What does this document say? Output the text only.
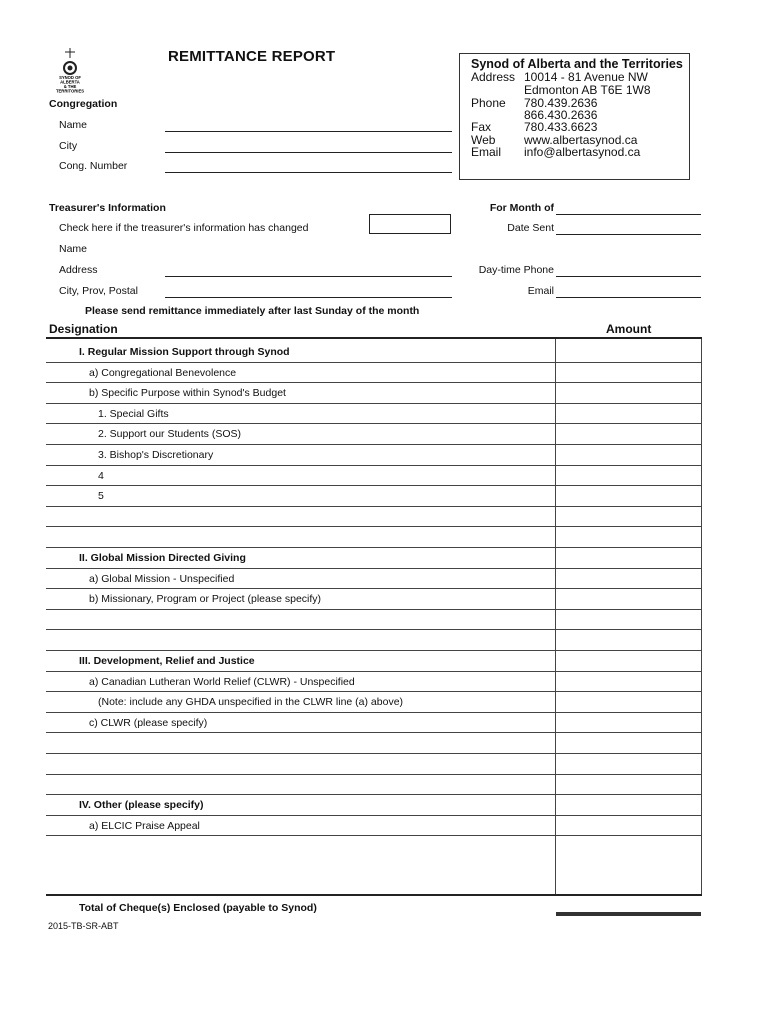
SYNOD OF
ALBERTA
& THE
TERRITORIES
REMITTANCE REPORT	Synod of Alberta and the Territories
Address 10014 - 81 Avenue NW
Edmonton AB T6E 1W8
Phone 780.439.2636
866.430.2636
Fax	780.433.6623
Web www.albertasynod.ca
Email info@albertasynod.ca
Congregation
Name
City
Cong. Number
Treasurer's Information
Check here if the treasurer's information has changed
Name
Address
City, Prov, Postal
For Month of
Date Sent
Day-time Phone
Email
Please send remittance immediately after last Sunday of the month
Designation	Amount
I. Regular Mission Support through Synod
a) Congregational Benevolence
b) Specific Purpose within Synod's Budget
1. Special Gifts
2. Support our Students (SOS)
3. Bishop's Discretionary
4
5
II. Global Mission Directed Giving
a) Global Mission - Unspecified
b) Missionary, Program or Project (please specify)
III. Development, Relief and Justice
a) Canadian Lutheran World Relief (CLWR) - Unspecified
(Note: include any GHDA unspecified in the CLWR line (a) above)
c) CLWR (please specify)
IV. Other (please specify)
a) ELCIC Praise Appeal
Total of Cheque(s) Enclosed (payable to Synod)
2015-TB-SR-ABT
